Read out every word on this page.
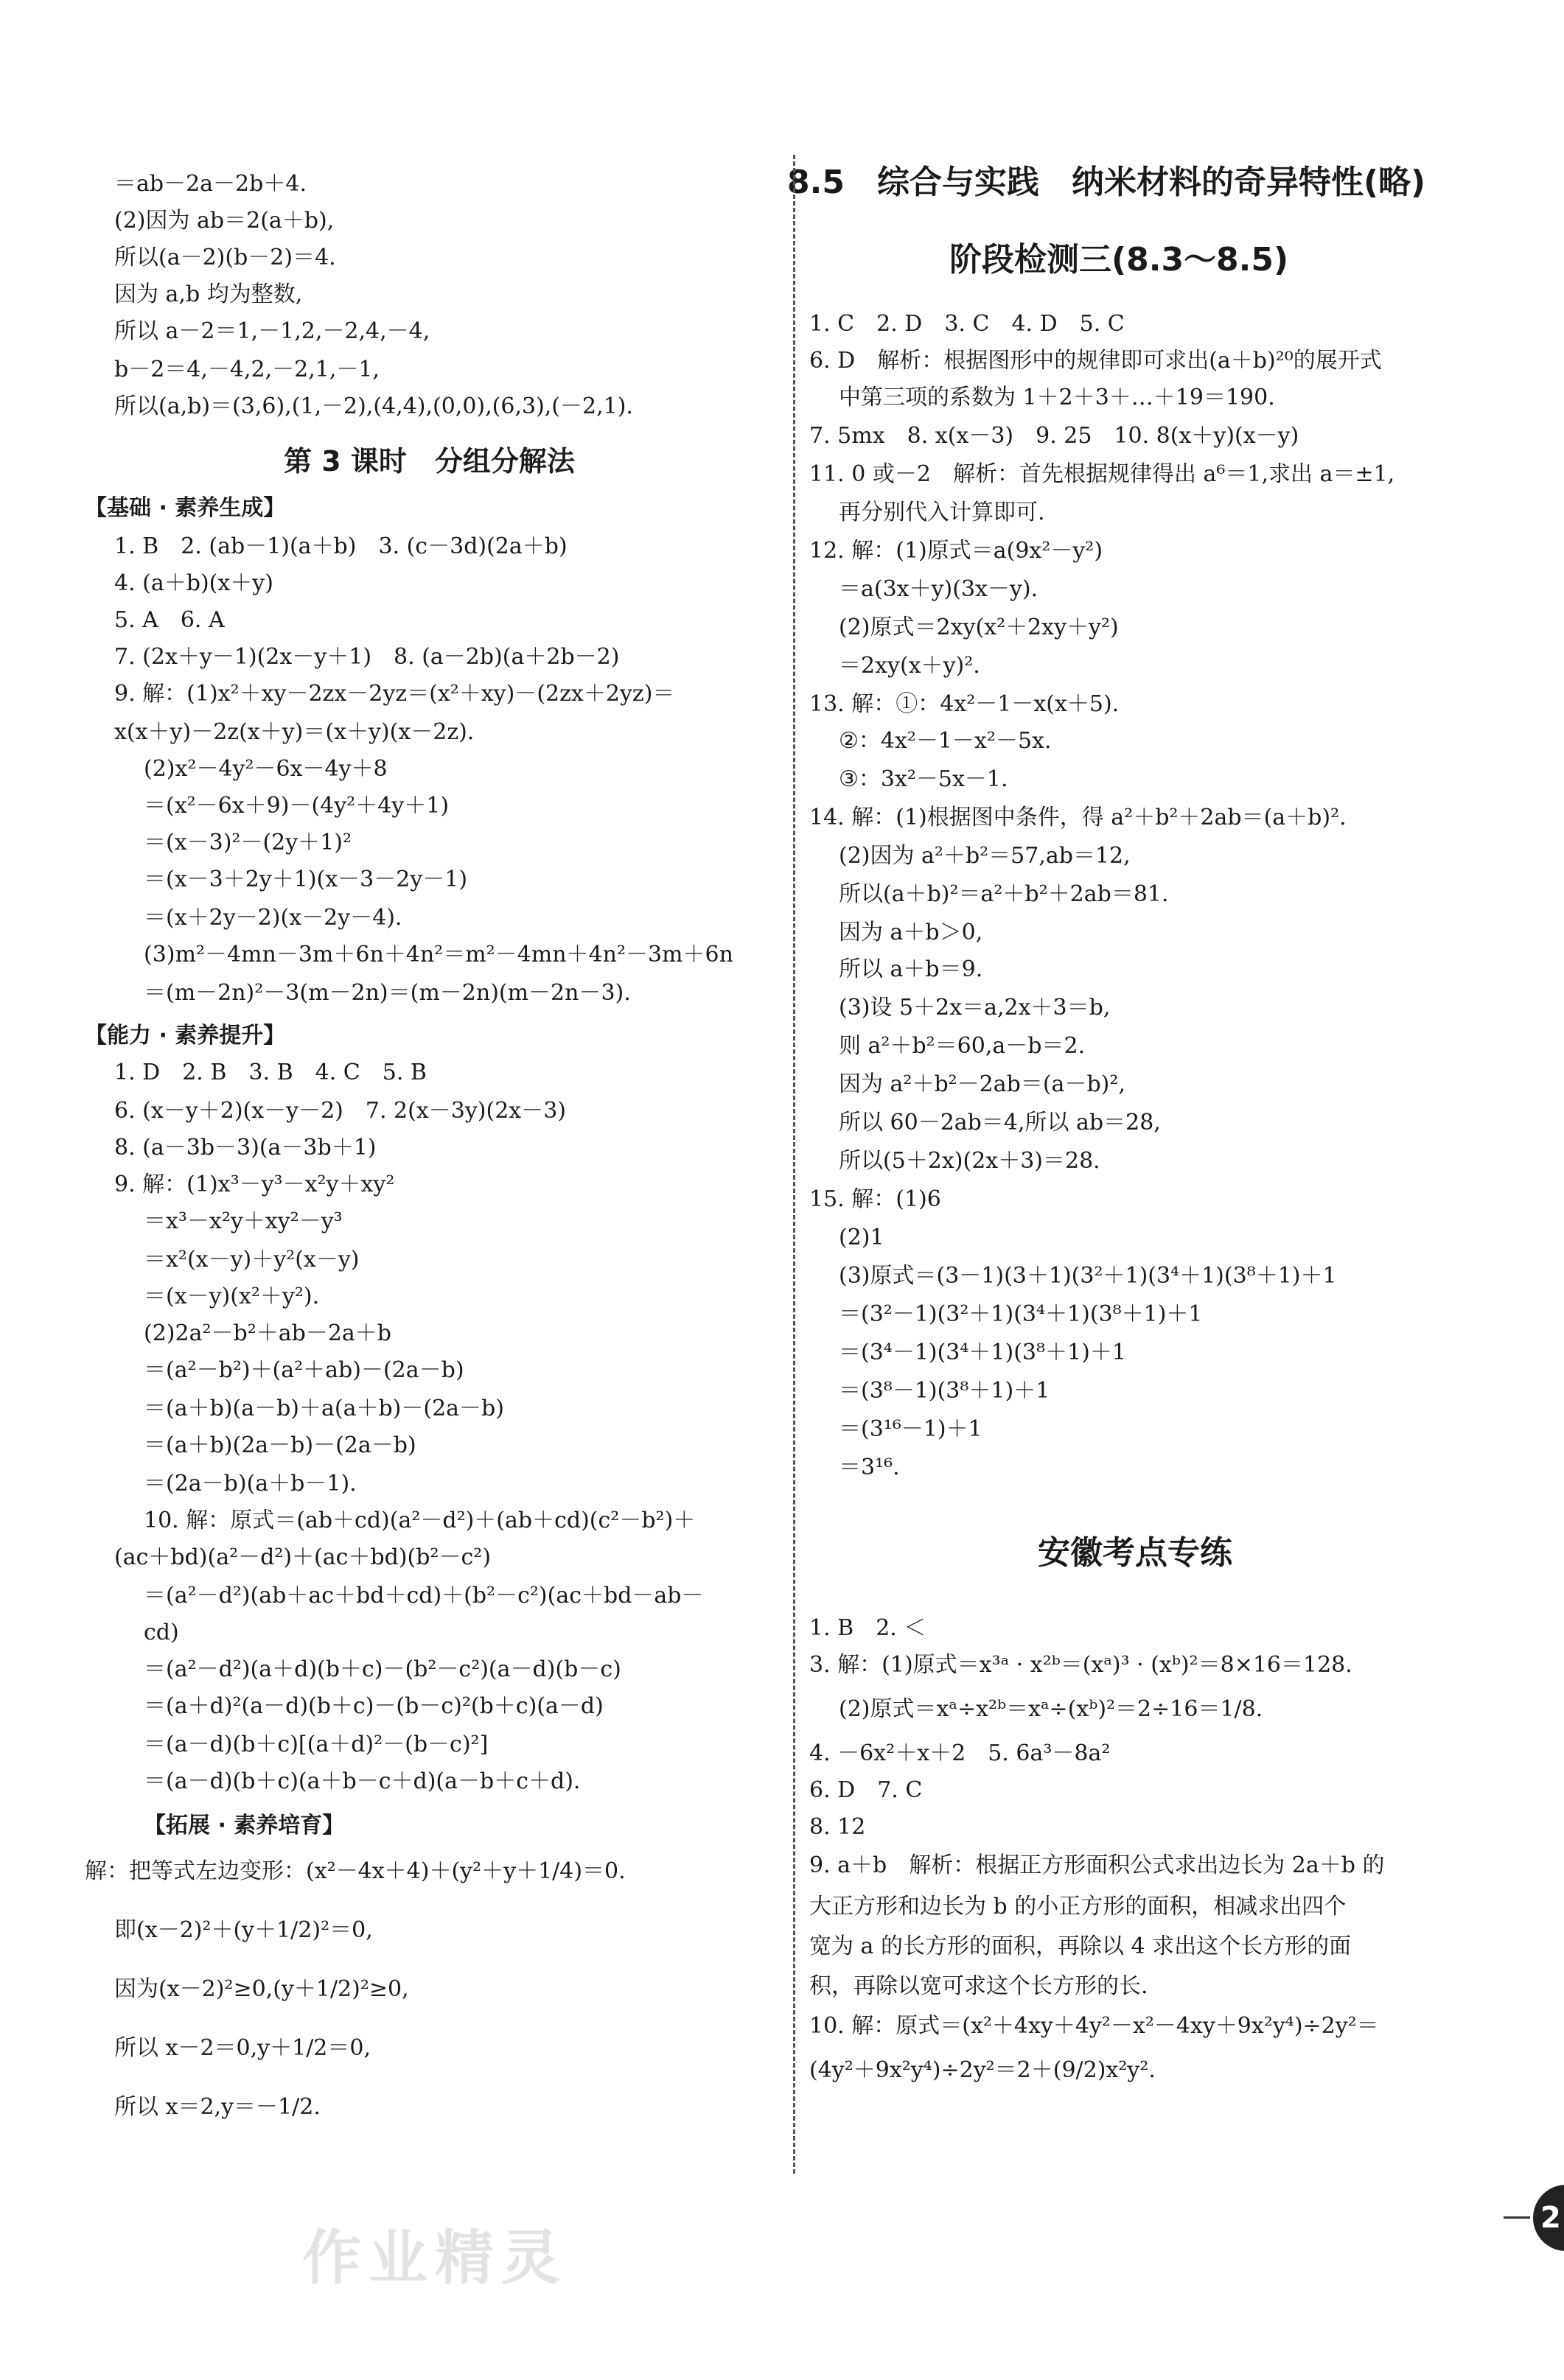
＝ab－2a－2b＋4.
(2)因为 ab＝2(a＋b),
所以(a－2)(b－2)＝4.
因为 a,b 均为整数,
所以 a－2＝1,－1,2,－2,4,－4,
b－2＝4,－4,2,－2,1,－1,
所以(a,b)＝(3,6),(1,－2),(4,4),(0,0),(6,3),(－2,1).
第 3 课时　分组分解法
【基础 · 素养生成】
1. B　2. (ab－1)(a＋b)　3. (c－3d)(2a＋b)
4. (a＋b)(x＋y)
5. A　6. A
7. (2x＋y－1)(2x－y＋1)　8. (a－2b)(a＋2b－2)
9. 解：(1)x²＋xy－2zx－2yz＝(x²＋xy)－(2zx＋2yz)＝
x(x＋y)－2z(x＋y)＝(x＋y)(x－2z).
(2)x²－4y²－6x－4y＋8
＝(x²－6x＋9)－(4y²＋4y＋1)
＝(x－3)²－(2y＋1)²
＝(x－3＋2y＋1)(x－3－2y－1)
＝(x＋2y－2)(x－2y－4).
(3)m²－4mn－3m＋6n＋4n²＝m²－4mn＋4n²－3m＋6n
＝(m－2n)²－3(m－2n)＝(m－2n)(m－2n－3).
【能力 · 素养提升】
1. D　2. B　3. B　4. C　5. B
6. (x－y＋2)(x－y－2)　7. 2(x－3y)(2x－3)
8. (a－3b－3)(a－3b＋1)
9. 解：(1)x³－y³－x²y＋xy²
＝x³－x²y＋xy²－y³
＝x²(x－y)＋y²(x－y)
＝(x－y)(x²＋y²).
(2)2a²－b²＋ab－2a＋b
＝(a²－b²)＋(a²＋ab)－(2a－b)
＝(a＋b)(a－b)＋a(a＋b)－(2a－b)
＝(a＋b)(2a－b)－(2a－b)
＝(2a－b)(a＋b－1).
10. 解：原式＝(ab＋cd)(a²－d²)＋(ab＋cd)(c²－b²)＋
(ac＋bd)(a²－d²)＋(ac＋bd)(b²－c²)
＝(a²－d²)(ab＋ac＋bd＋cd)＋(b²－c²)(ac＋bd－ab－
cd)
＝(a²－d²)(a＋d)(b＋c)－(b²－c²)(a－d)(b－c)
＝(a＋d)²(a－d)(b＋c)－(b－c)²(b＋c)(a－d)
＝(a－d)(b＋c)[(a＋d)²－(b－c)²]
＝(a－d)(b＋c)(a＋b－c＋d)(a－b＋c＋d).
【拓展 · 素养培育】
解：把等式左边变形：(x²－4x＋4)＋(y²＋y＋1/4)＝0.
即(x－2)²＋(y＋1/2)²＝0,
因为(x－2)²≥0,(y＋1/2)²≥0,
所以 x－2＝0,y＋1/2＝0,
所以 x＝2,y＝－1/2.
8.5　综合与实践　纳米材料的奇异特性(略)
阶段检测三(8.3～8.5)
1. C　2. D　3. C　4. D　5. C
6. D　解析：根据图形中的规律即可求出(a＋b)²⁰的展开式
中第三项的系数为 1＋2＋3＋…＋19＝190.
7. 5mx　8. x(x－3)　9. 25　10. 8(x＋y)(x－y)
11. 0 或－2　解析：首先根据规律得出 a⁶＝1,求出 a＝±1,
再分别代入计算即可.
12. 解：(1)原式＝a(9x²－y²)
＝a(3x＋y)(3x－y).
(2)原式＝2xy(x²＋2xy＋y²)
＝2xy(x＋y)².
13. 解：①：4x²－1－x(x＋5).
②：4x²－1－x²－5x.
③：3x²－5x－1.
14. 解：(1)根据图中条件，得 a²＋b²＋2ab＝(a＋b)².
(2)因为 a²＋b²＝57,ab＝12,
所以(a＋b)²＝a²＋b²＋2ab＝81.
因为 a＋b＞0,
所以 a＋b＝9.
(3)设 5＋2x＝a,2x＋3＝b,
则 a²＋b²＝60,a－b＝2.
因为 a²＋b²－2ab＝(a－b)²,
所以 60－2ab＝4,所以 ab＝28,
所以(5＋2x)(2x＋3)＝28.
15. 解：(1)6
(2)1
(3)原式＝(3－1)(3＋1)(3²＋1)(3⁴＋1)(3⁸＋1)＋1
＝(3²－1)(3²＋1)(3⁴＋1)(3⁸＋1)＋1
＝(3⁴－1)(3⁴＋1)(3⁸＋1)＋1
＝(3⁸－1)(3⁸＋1)＋1
＝(3¹⁶－1)＋1
＝3¹⁶.
安徽考点专练
1. B　2. ＜
3. 解：(1)原式＝x³ᵃ · x²ᵇ＝(xᵃ)³ · (xᵇ)²＝8×16＝128.
(2)原式＝xᵃ÷x²ᵇ＝xᵃ÷(xᵇ)²＝2÷16＝1/8.
4. －6x²＋x＋2　5. 6a³－8a²
6. D　7. C
8. 12
9. a＋b　解析：根据正方形面积公式求出边长为 2a＋b 的
大正方形和边长为 b 的小正方形的面积，相减求出四个
宽为 a 的长方形的面积，再除以 4 求出这个长方形的面
积，再除以宽可求这个长方形的长.
10. 解：原式＝(x²＋4xy＋4y²－x²－4xy＋9x²y⁴)÷2y²＝
(4y²＋9x²y⁴)÷2y²＝2＋(9/2)x²y².
作业精灵
2
